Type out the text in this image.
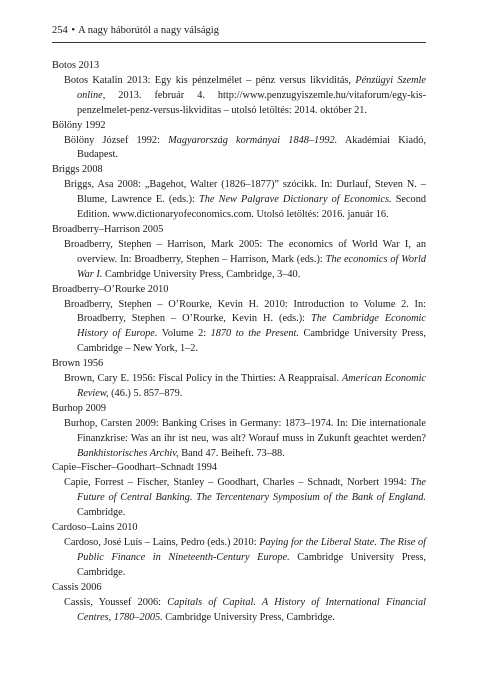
254 • A nagy háborútól a nagy válságig
Botos 2013
Botos Katalin 2013: Egy kis pénzelmélet – pénz versus likviditás, Pénzügyi Szemle online, 2013. február 4. http://www.penzugyiszemle.hu/vitaforum/egy-kis-penzelmelet-penz-versus-likviditas – utolsó letöltés: 2014. október 21.
Bölöny 1992
Bölöny József 1992: Magyarország kormányai 1848–1992. Akadémiai Kiadó, Budapest.
Briggs 2008
Briggs, Asa 2008: „Bagehot, Walter (1826–1877)” szócikk. In: Durlauf, Steven N. – Blume, Lawrence E. (eds.): The New Palgrave Dictionary of Economics. Second Edition. www.dictionaryofeconomics.com. Utolsó letöltés: 2016. január 16.
Broadberry–Harrison 2005
Broadberry, Stephen – Harrison, Mark 2005: The economics of World War I, an overview. In: Broadberry, Stephen – Harrison, Mark (eds.): The economics of World War I. Cambridge University Press, Cambridge, 3–40.
Broadberry–O’Rourke 2010
Broadberry, Stephen – O’Rourke, Kevin H. 2010: Introduction to Volume 2. In: Broadberry, Stephen – O’Rourke, Kevin H. (eds.): The Cambridge Economic History of Europe. Volume 2: 1870 to the Present. Cambridge University Press, Cambridge – New York, 1–2.
Brown 1956
Brown, Cary E. 1956: Fiscal Policy in the Thirties: A Reappraisal. American Economic Review, (46.) 5. 857–879.
Burhop 2009
Burhop, Carsten 2009: Banking Crises in Germany: 1873–1974. In: Die internationale Finanzkrise: Was an ihr ist neu, was alt? Worauf muss in Zukunft geachtet werden? Bankhistorisches Archiv, Band 47. Beiheft. 73–88.
Capie–Fischer–Goodhart–Schnadt 1994
Capie, Forrest – Fischer, Stanley – Goodhart, Charles – Schnadt, Norbert 1994: The Future of Central Banking. The Tercentenary Symposium of the Bank of England. Cambridge.
Cardoso–Lains 2010
Cardoso, José Luís – Lains, Pedro (eds.) 2010: Paying for the Liberal State. The Rise of Public Finance in Nineteenth-Century Europe. Cambridge University Press, Cambridge.
Cassis 2006
Cassis, Youssef 2006: Capitals of Capital. A History of International Financial Centres, 1780–2005. Cambridge University Press, Cambridge.
